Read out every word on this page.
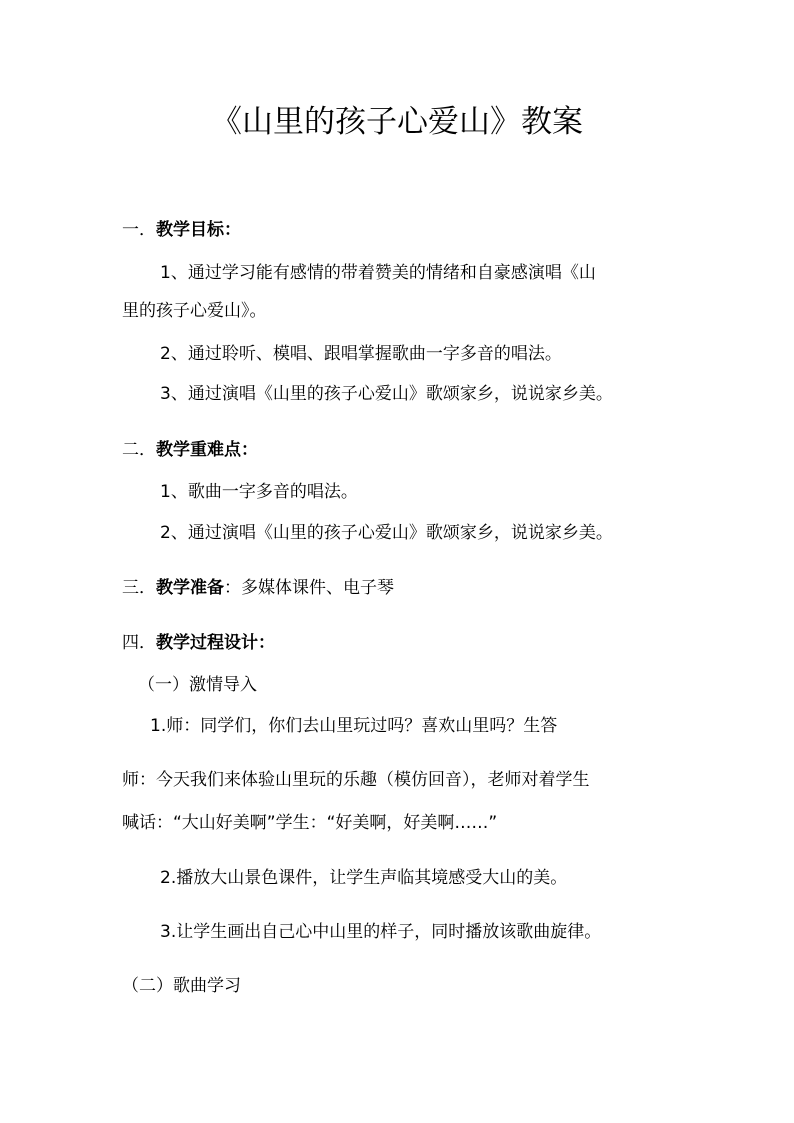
《山里的孩子心爱山》教案
一．教学目标：
1、通过学习能有感情的带着赞美的情绪和自豪感演唱《山
里的孩子心爱山》。
2、通过聆听、模唱、跟唱掌握歌曲一字多音的唱法。
3、通过演唱《山里的孩子心爱山》歌颂家乡，说说家乡美。
二．教学重难点：
1、歌曲一字多音的唱法。
2、通过演唱《山里的孩子心爱山》歌颂家乡，说说家乡美。
三．教学准备：多媒体课件、电子琴
四．教学过程设计：
（一）激情导入
1.师：同学们，你们去山里玩过吗？喜欢山里吗？生答
师：今天我们来体验山里玩的乐趣（模仿回音），老师对着学生
喊话：“大山好美啊”学生：“好美啊，好美啊……”
2.播放大山景色课件，让学生声临其境感受大山的美。
3.让学生画出自己心中山里的样子，同时播放该歌曲旋律。
（二）歌曲学习
